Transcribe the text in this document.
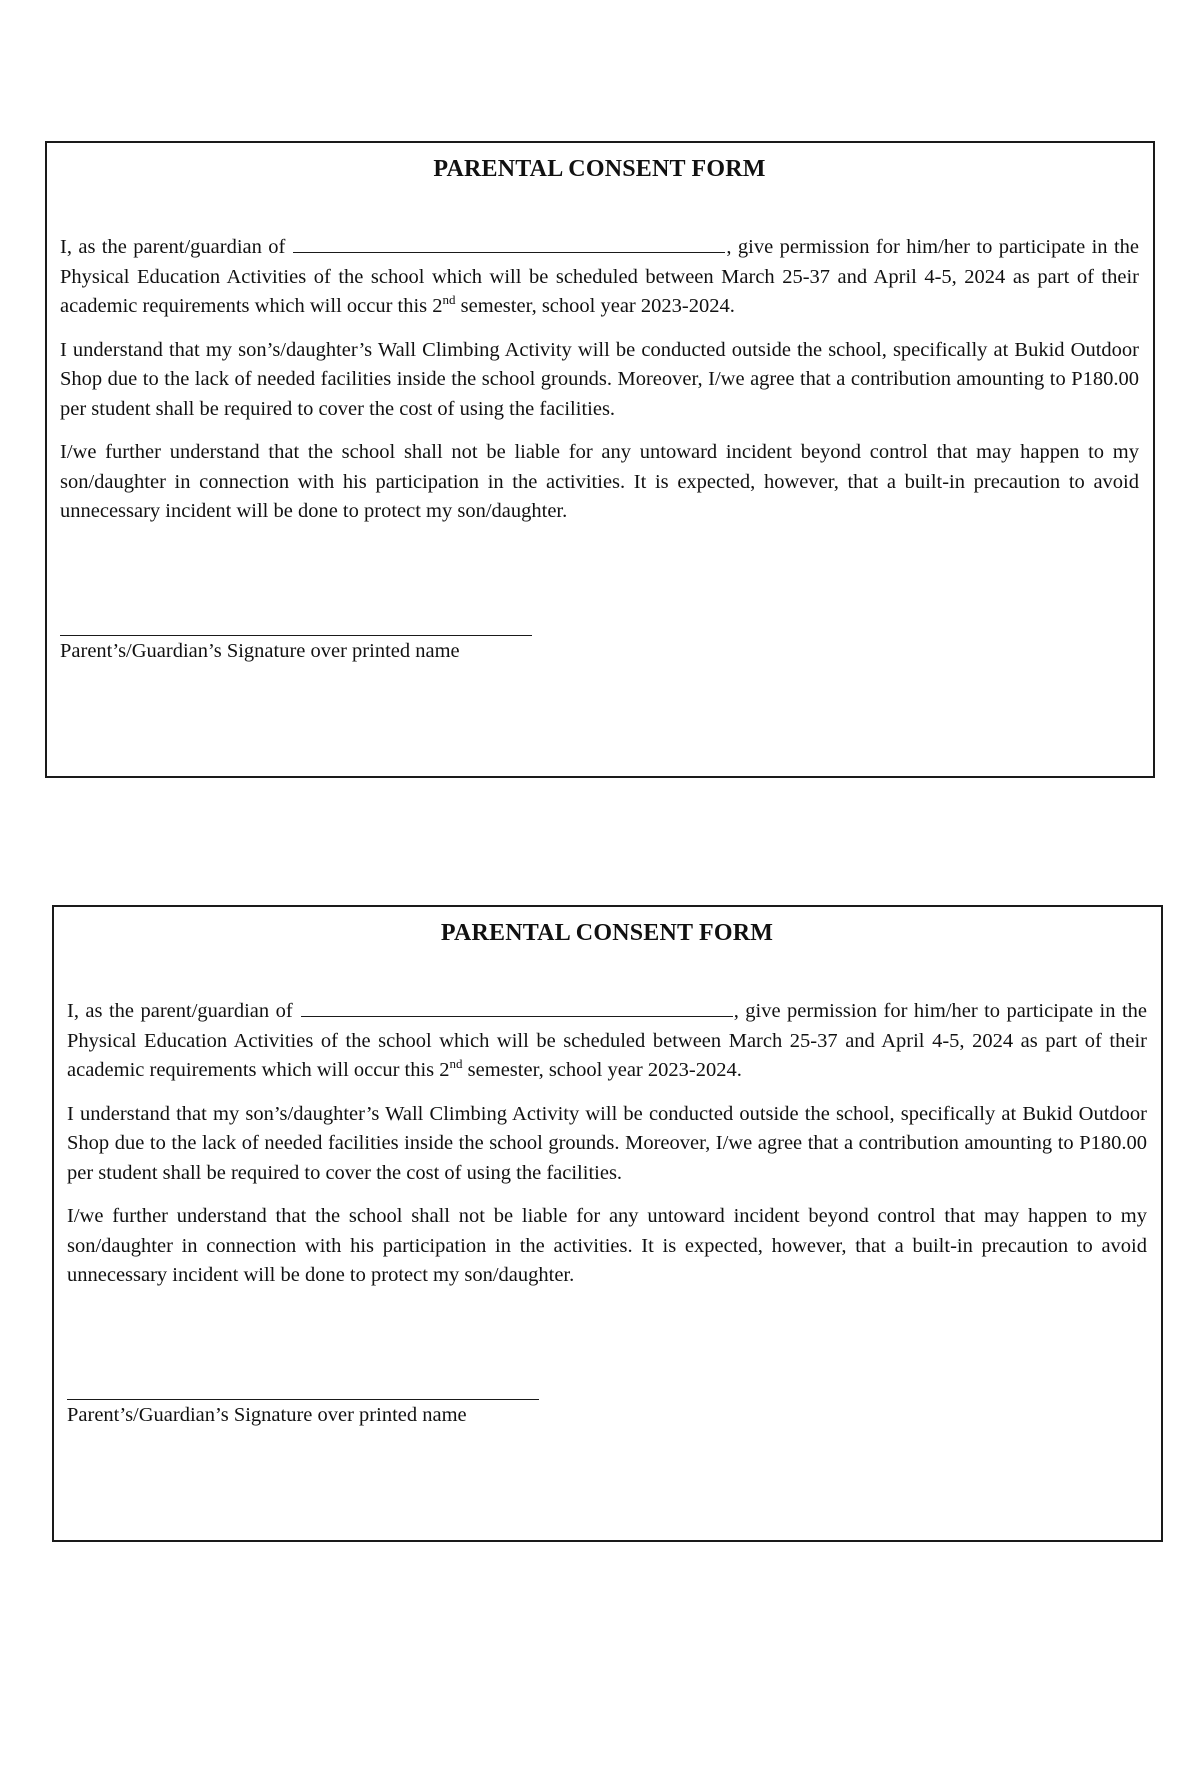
PARENTAL CONSENT FORM

I, as the parent/guardian of	, give permission for him/her to participate in the Physical Education Activities of the school which will be scheduled between March 25-37 and April 4-5, 2024 as part of their academic requirements which will occur this 2nd semester, school year 2023-2024.

I understand that my son’s/daughter’s Wall Climbing Activity will be conducted outside the school, specifically at Bukid Outdoor Shop due to the lack of needed facilities inside the school grounds. Moreover, I/we agree that a contribution amounting to P180.00 per student shall be required to cover the cost of using the facilities.

I/we further understand that the school shall not be liable for any untoward incident beyond control that may happen to my son/daughter in connection with his participation in the activities. It is expected, however, that a built-in precaution to avoid unnecessary incident will be done to protect my son/daughter.

Parent’s/Guardian’s Signature over printed name
PARENTAL CONSENT FORM

I, as the parent/guardian of	, give permission for him/her to participate in the Physical Education Activities of the school which will be scheduled between March 25-37 and April 4-5, 2024 as part of their academic requirements which will occur this 2nd semester, school year 2023-2024.

I understand that my son’s/daughter’s Wall Climbing Activity will be conducted outside the school, specifically at Bukid Outdoor Shop due to the lack of needed facilities inside the school grounds. Moreover, I/we agree that a contribution amounting to P180.00 per student shall be required to cover the cost of using the facilities.

I/we further understand that the school shall not be liable for any untoward incident beyond control that may happen to my son/daughter in connection with his participation in the activities. It is expected, however, that a built-in precaution to avoid unnecessary incident will be done to protect my son/daughter.

Parent’s/Guardian’s Signature over printed name
